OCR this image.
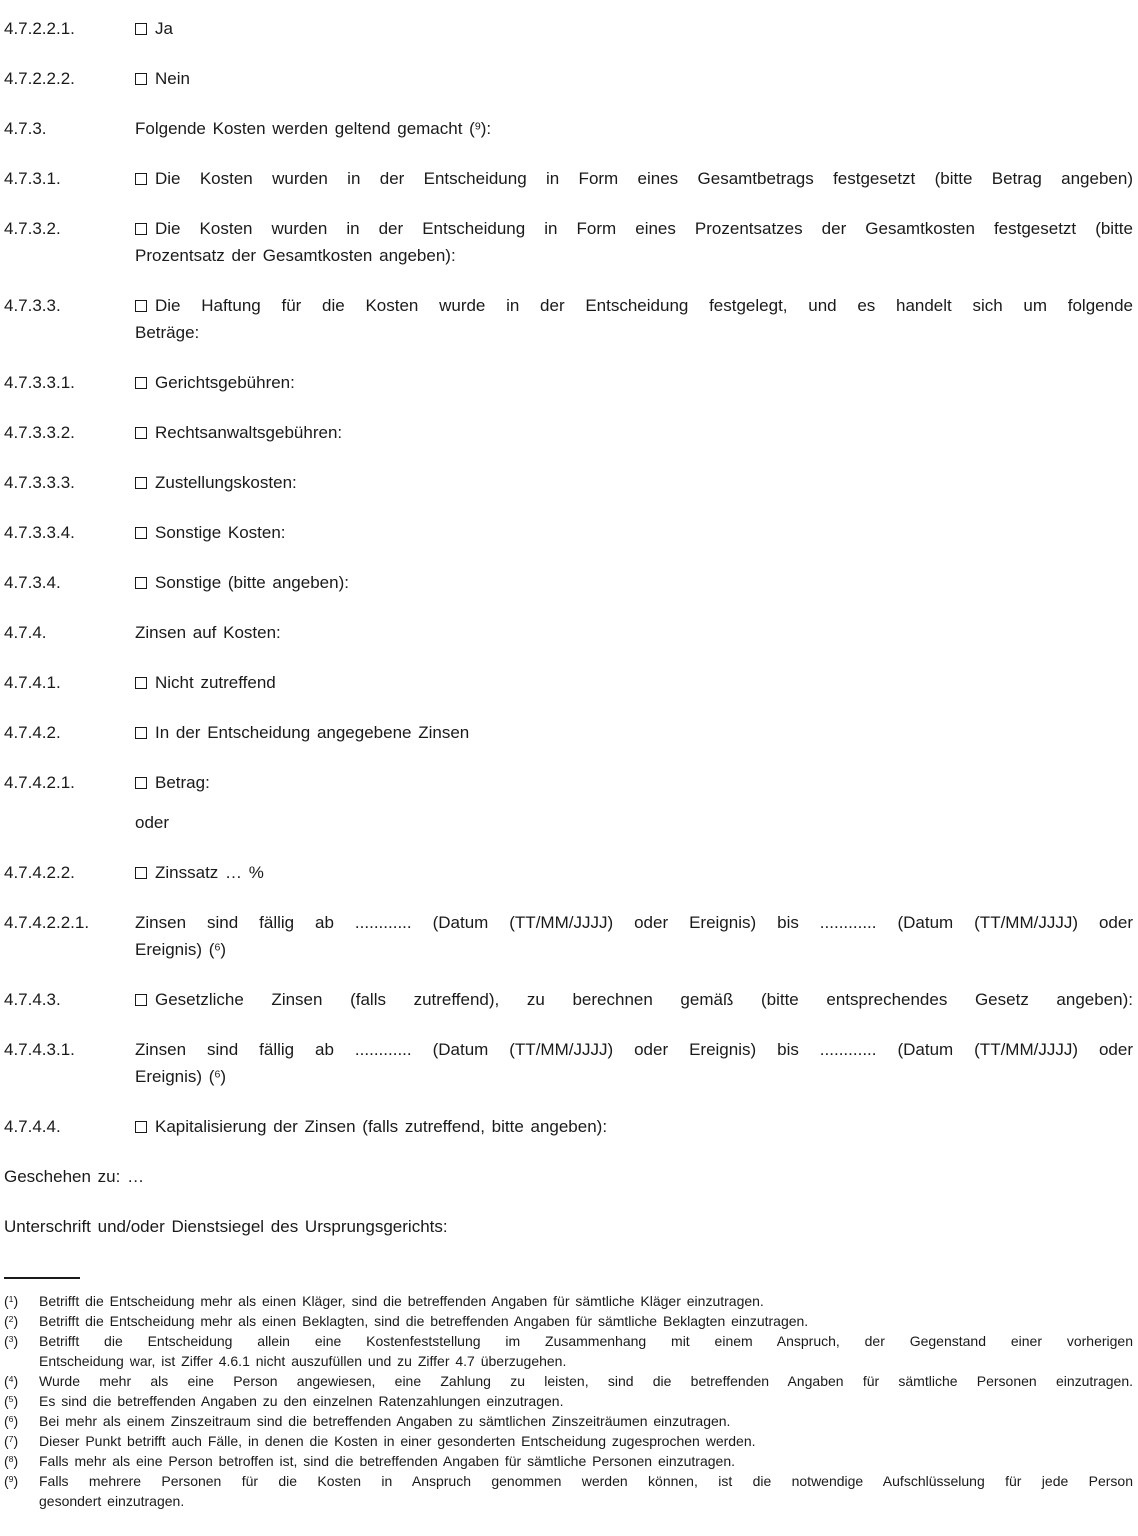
4.7.2.2.1.	Ja
4.7.2.2.2.	Nein
4.7.3.	Folgende Kosten werden geltend gemacht ($^9$):
4.7.3.1.	Die Kosten wurden in der Entscheidung in Form eines Gesamtbetrags festgesetzt (bitte Betrag angeben)
4.7.3.2.	Die Kosten wurden in der Entscheidung in Form eines Prozentsatzes der Gesamtkosten festgesetzt (bitte
Prozentsatz der Gesamtkosten angeben):
4.7.3.3.	Die Haftung für die Kosten wurde in der Entscheidung festgelegt, und es handelt sich um folgende
Beträge:
4.7.3.3.1.	Gerichtsgebühren:
4.7.3.3.2.	Rechtsanwaltsgebühren:
4.7.3.3.3.	Zustellungskosten:
4.7.3.3.4.	Sonstige Kosten:
4.7.3.4.	Sonstige (bitte angeben):
4.7.4.	Zinsen auf Kosten:
4.7.4.1.	Nicht zutreffend
4.7.4.2.	In der Entscheidung angegebene Zinsen
4.7.4.2.1.	Betrag:
oder
4.7.4.2.2.	Zinssatz … %
4.7.4.2.2.1.	Zinsen sind fällig ab ............ (Datum (TT/MM/JJJJ) oder Ereignis) bis ............ (Datum (TT/MM/JJJJ) oder
Ereignis) ($^6$)
4.7.4.3.	Gesetzliche Zinsen (falls zutreffend), zu berechnen gemäß (bitte entsprechendes Gesetz angeben):
4.7.4.3.1.	Zinsen sind fällig ab ............ (Datum (TT/MM/JJJJ) oder Ereignis) bis ............ (Datum (TT/MM/JJJJ) oder
Ereignis) ($^6$)
4.7.4.4.	Kapitalisierung der Zinsen (falls zutreffend, bitte angeben):
Geschehen zu: …
Unterschrift und/oder Dienstsiegel des Ursprungsgerichts:
($^1$)	Betrifft die Entscheidung mehr als einen Kläger, sind die betreffenden Angaben für sämtliche Kläger einzutragen.
($^2$)	Betrifft die Entscheidung mehr als einen Beklagten, sind die betreffenden Angaben für sämtliche Beklagten einzutragen.
($^3$)	Betrifft die Entscheidung allein eine Kostenfeststellung im Zusammenhang mit einem Anspruch, der Gegenstand einer vorherigen
Entscheidung war, ist Ziffer 4.6.1 nicht auszufüllen und zu Ziffer 4.7 überzugehen.
($^4$)	Wurde mehr als eine Person angewiesen, eine Zahlung zu leisten, sind die betreffenden Angaben für sämtliche Personen einzutragen.
($^5$)	Es sind die betreffenden Angaben zu den einzelnen Ratenzahlungen einzutragen.
($^6$)	Bei mehr als einem Zinszeitraum sind die betreffenden Angaben zu sämtlichen Zinszeiträumen einzutragen.
($^7$)	Dieser Punkt betrifft auch Fälle, in denen die Kosten in einer gesonderten Entscheidung zugesprochen werden.
($^8$)	Falls mehr als eine Person betroffen ist, sind die betreffenden Angaben für sämtliche Personen einzutragen.
($^9$)	Falls mehrere Personen für die Kosten in Anspruch genommen werden können, ist die notwendige Aufschlüsselung für jede Person
gesondert einzutragen.
